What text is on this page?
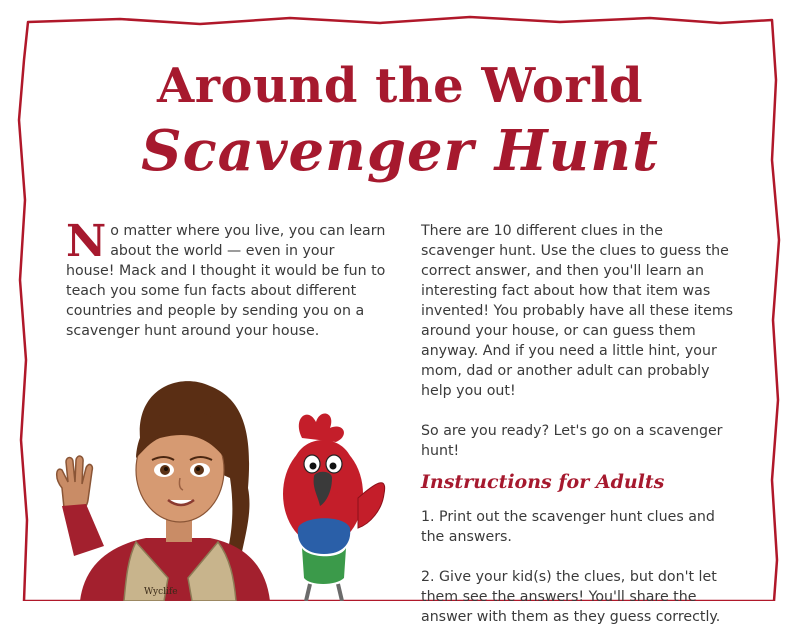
Around the World
Scavenger Hunt
N o matter where you live, you can learn about the world — even in your house! Mack and I thought it would be fun to teach you some fun facts about different countries and people by sending you on a scavenger hunt around your house.

There are 10 different clues in the scavenger hunt. Use the clues to guess the correct answer, and then you'll learn an interesting fact about how that item was invented! You probably have all these items around your house, or can guess them anyway. And if you need a little hint, your mom, dad or another adult can probably help you out!

So are you ready? Let's go on a scavenger hunt!

Instructions for Adults

1. Print out the scavenger hunt clues and the answers.

2. Give your kid(s) the clues, but don't let them see the answers! You'll share the answer with them as they guess correctly.

Wyclife
